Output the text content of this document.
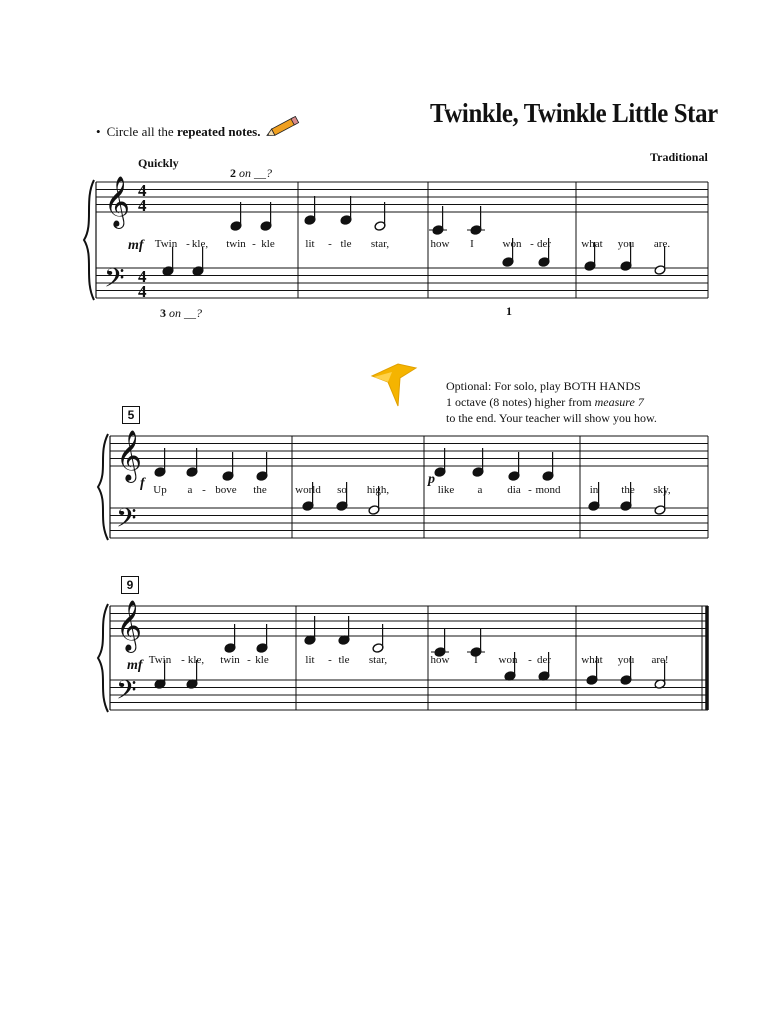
Twinkle, Twinkle Little Star
• Circle all the repeated notes.
Quickly	Traditional
2 on __?
3 on __?	1
Optional: For solo, play BOTH HANDS
1 octave (8 notes) higher from measure 7
to the end. Your teacher will show you how.
5
9
𝄞
𝄢
4
4
4
4
𝄞
𝄢
𝄞
𝄢
mf
f	p
mf
Twin - kle, twin - kle	lit - tle star,	how I	won - der	what you are.
Up a - bove the	world so high,	like a dia - mond	in the sky,
Twin - kle, twin - kle	lit - tle star,	how I won - der	what you are!
